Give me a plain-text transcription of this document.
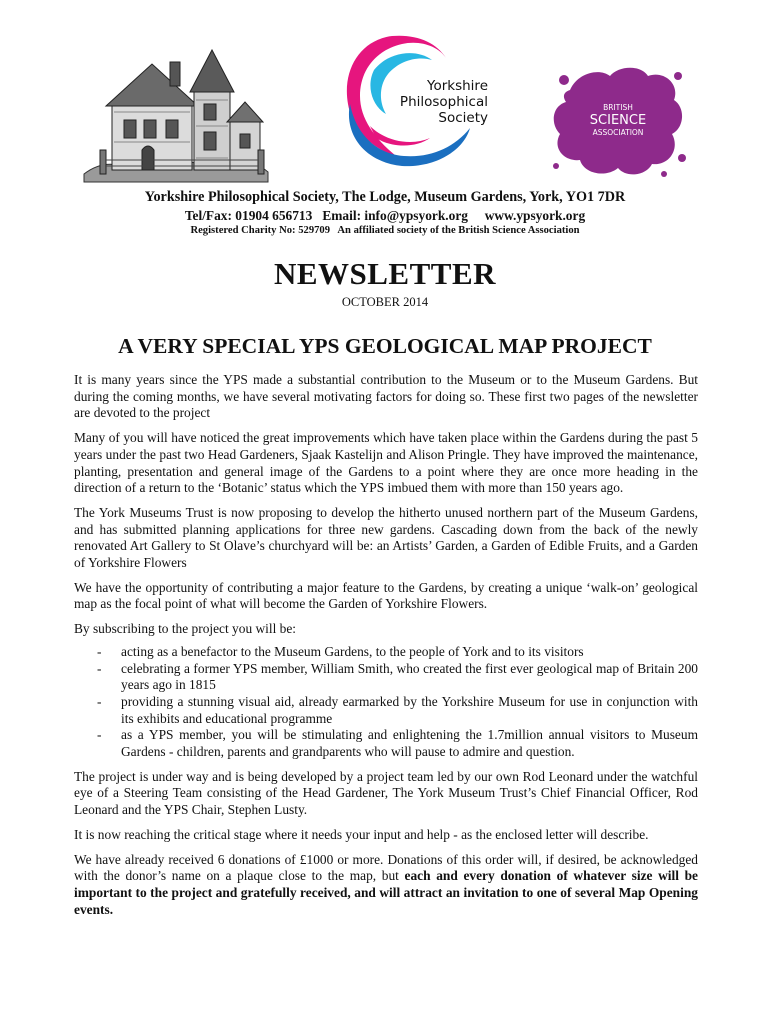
Yorkshire
Philosophical
Society
BRITISH
SCIENCE
ASSOCIATION
Yorkshire Philosophical Society, The Lodge, Museum Gardens, York, YO1 7DR
Tel/Fax: 01904 656713   Email: info@ypsyork.org     www.ypsyork.org
Registered Charity No: 529709   An affiliated society of the British Science Association
NEWSLETTER
OCTOBER 2014
A VERY SPECIAL YPS GEOLOGICAL MAP PROJECT

It is many years since the YPS made a substantial contribution to the Museum or to the Museum Gardens. But during the coming months, we have several motivating factors for doing so. These first two pages of the newsletter are devoted to the project

Many of you will have noticed the great improvements which have taken place within the Gardens during the past 5 years under the past two Head Gardeners, Sjaak Kastelijn and Alison Pringle. They have improved the maintenance, planting, presentation and general image of the Gardens to a point where they are once more heading in the direction of a return to the ‘Botanic’ status which the YPS imbued them with more than 150 years ago.

The York Museums Trust is now proposing to develop the hitherto unused northern part of the Museum Gardens, and has submitted planning applications for three new gardens. Cascading down from the back of the newly renovated Art Gallery to St Olave’s churchyard will be: an Artists’ Garden, a Garden of Edible Fruits, and a Garden of Yorkshire Flowers

We have the opportunity of contributing a major feature to the Gardens, by creating a unique ‘walk-on’ geological map as the focal point of what will become the Garden of Yorkshire Flowers.

By subscribing to the project you will be:

- acting as a benefactor to the Museum Gardens, to the people of York and to its visitors
- celebrating a former YPS member, William Smith, who created the first ever geological map of Britain 200 years ago in 1815
- providing a stunning visual aid, already earmarked by the Yorkshire Museum for use in conjunction with its exhibits and educational programme
- as a YPS member, you will be stimulating and enlightening the 1.7million annual visitors to Museum Gardens - children, parents and grandparents who will pause to admire and question.

The project is under way and is being developed by a project team led by our own Rod Leonard under the watchful eye of a Steering Team consisting of the Head Gardener, The York Museum Trust’s Chief Financial Officer, Rod Leonard and the YPS Chair, Stephen Lusty.

It is now reaching the critical stage where it needs your input and help - as the enclosed letter will describe.

We have already received 6 donations of £1000 or more. Donations of this order will, if desired, be acknowledged with the donor’s name on a plaque close to the map, but each and every donation of whatever size will be important to the project and gratefully received, and will attract an invitation to one of several Map Opening events.
